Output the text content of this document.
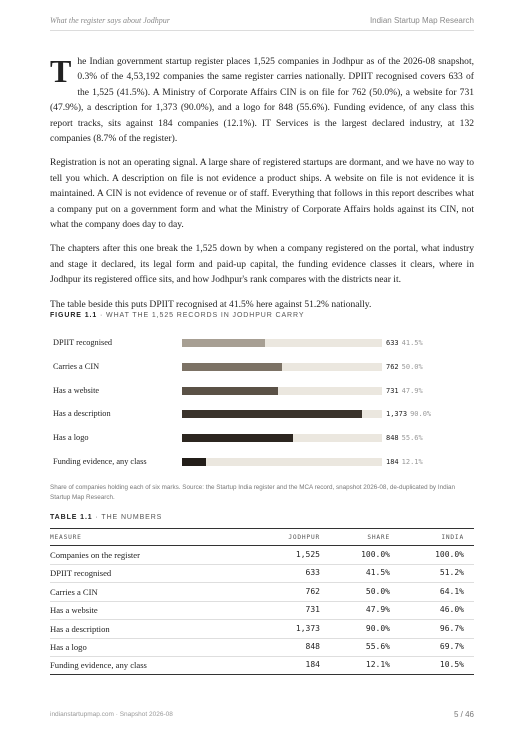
What the register says about Jodhpur	Indian Startup Map Research

The Indian government startup register places 1,525 companies in Jodhpur as of the 2026-08 snapshot, 0.3% of the 4,53,192 companies the same register carries nationally. DPIIT recognised covers 633 of the 1,525 (41.5%). A Ministry of Corporate Affairs CIN is on file for 762 (50.0%), a website for 731 (47.9%), a description for 1,373 (90.0%), and a logo for 848 (55.6%). Funding evidence, of any class this report tracks, sits against 184 companies (12.1%). IT Services is the largest declared industry, at 132 companies (8.7% of the register).

Registration is not an operating signal. A large share of registered startups are dormant, and we have no way to tell you which. A description on file is not evidence a product ships. A website on file is not evidence it is maintained. A CIN is not evidence of revenue or of staff. Everything that follows in this report describes what a company put on a government form and what the Ministry of Corporate Affairs holds against its CIN, not what the company does day to day.

The chapters after this one break the 1,525 down by when a company registered on the portal, what industry and stage it declared, its legal form and paid-up capital, the funding evidence classes it clears, where in Jodhpur its registered office sits, and how Jodhpur's rank compares with the districts near it.

The table beside this puts DPIIT recognised at 41.5% here against 51.2% nationally.

FIGURE 1.1 · WHAT THE 1,525 RECORDS IN JODHPUR CARRY
DPIIT recognised	633 41.5%
Carries a CIN	762 50.0%
Has a website	731 47.9%
Has a description	1,373 90.0%
Has a logo	848 55.6%
Funding evidence, any class	184 12.1%
Share of companies holding each of six marks. Source: the Startup India register and the MCA record, snapshot 2026-08, de-duplicated by Indian Startup Map Research.
TABLE 1.1 · THE NUMBERS
MEASURE	JODHPUR	SHARE	INDIA
Companies on the register	1,525	100.0%	100.0%
DPIIT recognised	633	41.5%	51.2%
Carries a CIN	762	50.0%	64.1%
Has a website	731	47.9%	46.0%
Has a description	1,373	90.0%	96.7%
Has a logo	848	55.6%	69.7%
Funding evidence, any class	184	12.1%	10.5%
indianstartupmap.com · Snapshot 2026-08	5 / 46
